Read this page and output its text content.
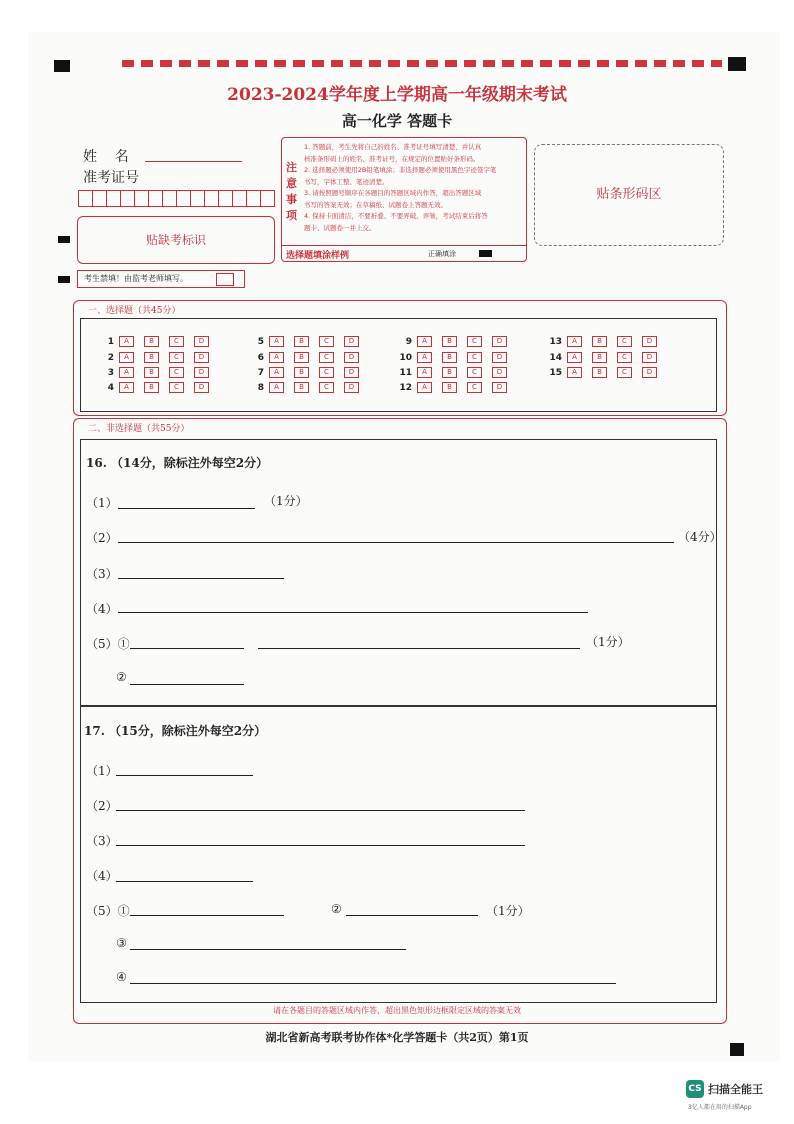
2023-2024学年度上学期高一年级期末考试
高一化学 答题卡
姓    名
准考证号
贴缺考标识
考生禁填！由监考老师填写。
注意事项

1. 答题前，考生先将自己的姓名、准考证号填写清楚，并认真

核准条形码上的姓名、准考证号，在规定的位置贴好条形码。

2. 选择题必须使用2B铅笔填涂；非选择题必须使用黑色字迹签字笔

书写，字体工整、笔迹清楚。

3. 请按照题号顺序在各题目的答题区域内作答，超出答题区域

书写的答案无效；在草稿纸、试题卷上答题无效。

4. 保持卡面清洁，不要折叠、不要弄破、弄皱，考试结束后将答

题卡、试题卷一并上交。

选择题填涂样例	正确填涂
贴条形码区
一、选择题（共45分）
1	A	B	C	D
2	A	B	C	D
3	A	B	C	D
4	A	B	C	D
5	A	B	C	D
6	A	B	C	D
7	A	B	C	D
8	A	B	C	D
9	A	B	C	D
10	A	B	C	D
11	A	B	C	D
12	A	B	C	D
13	A	B	C	D
14	A	B	C	D
15	A	B	C	D
二、非选择题（共55分）
16. （14分，除标注外每空2分）
（1）	（1分）
（2）	（4分）
（3）
（4）
（5）①	（1分）
②
17. （15分，除标注外每空2分）
（1）
（2）
（3）
（4）
（5）①	②	（1分）
③
④
请在各题目的答题区域内作答，超出黑色矩形边框限定区域的答案无效
湖北省新高考联考协作体*化学答题卡（共2页）第1页
CS 扫描全能王
3亿人都在用的扫描App
